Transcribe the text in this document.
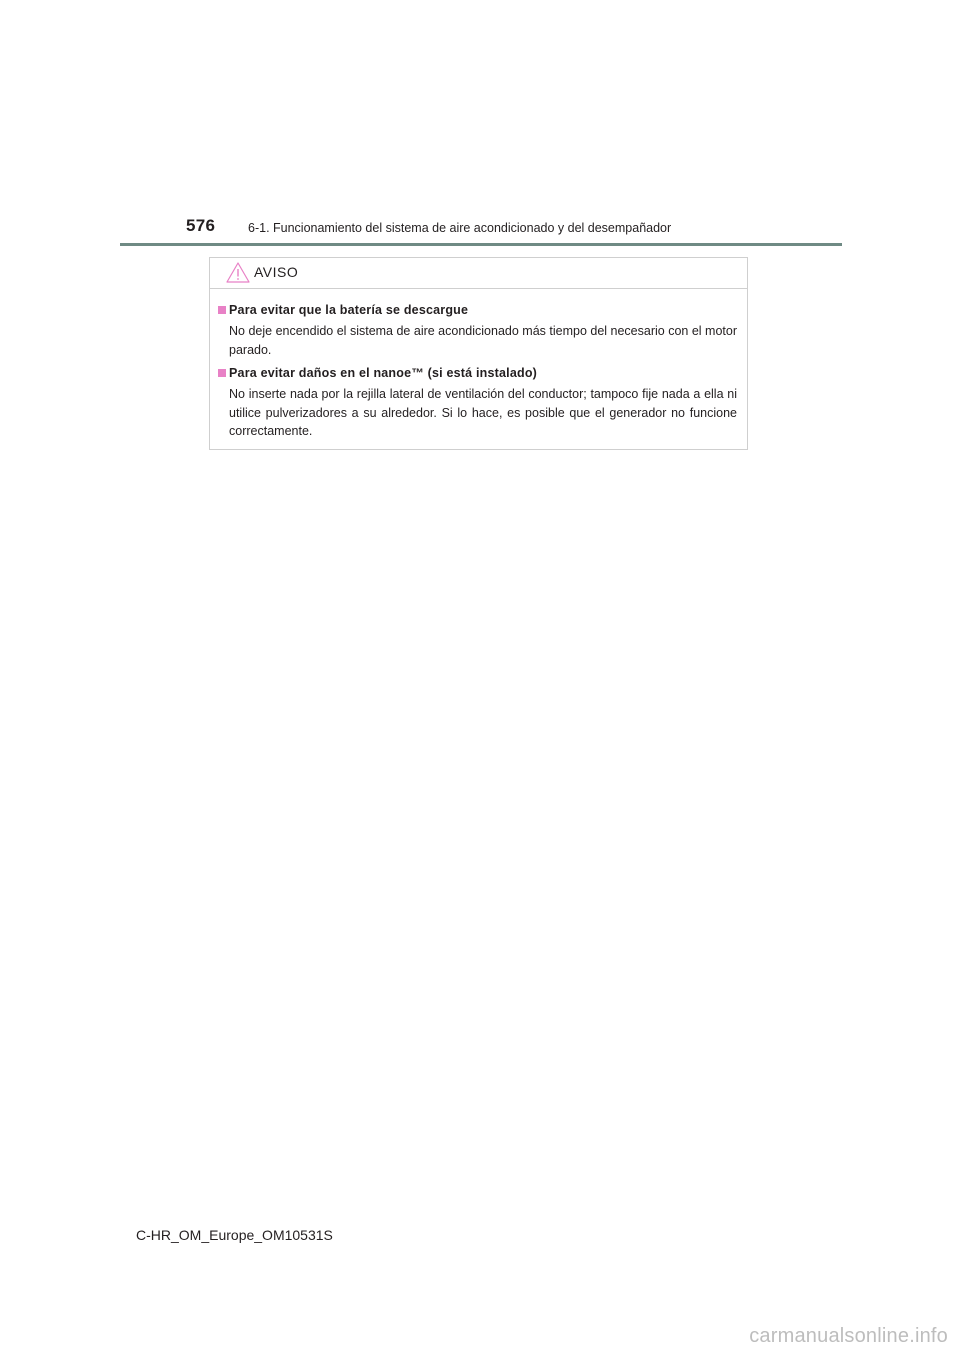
576	6-1. Funcionamiento del sistema de aire acondicionado y del desempañador
AVISO
Para evitar que la batería se descargue
No deje encendido el sistema de aire acondicionado más tiempo del necesario con el motor parado.
Para evitar daños en el nanoe™ (si está instalado)
No inserte nada por la rejilla lateral de ventilación del conductor; tampoco fije nada a ella ni utilice pulverizadores a su alrededor. Si lo hace, es posible que el generador no funcione correctamente.
C-HR_OM_Europe_OM10531S
carmanualsonline.info
